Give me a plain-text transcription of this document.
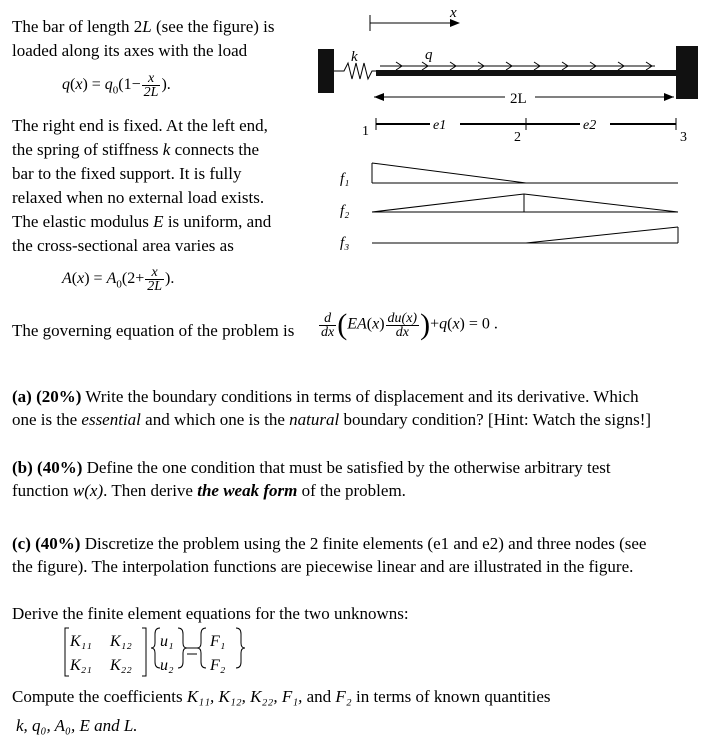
The bar of length 2L (see the figure) is
loaded along its axes with the load
$q(x) = q_0(1- \frac{x}{2L}$ ).
The right end is fixed. At the left end,
the spring of stiffness k connects the
bar to the fixed support. It is fully
relaxed when no external load exists.
The elastic modulus E is uniform, and
the cross-sectional area varies as
$A(x) = A_0(2+ \frac{x}{2L}$ ).
The governing equation of the problem is $\frac{d}{dx} (EA(x) \frac{du(x)}{dx} )+q(x) = 0$ .
x
k	q
2L
1	2	3
e1	e2
f₁
f₂
f₃
(a) (20%) Write the boundary conditions in terms of displacement and its derivative. Which
one is the essential and which one is the natural boundary condition? [Hint: Watch the signs!]
(b) (40%) Define the one condition that must be satisfied by the otherwise arbitrary test
function w(x). Then derive the weak form of the problem.
(c) (40%) Discretize the problem using the 2 finite elements (e1 and e2) and three nodes (see
the figure). The interpolation functions are piecewise linear and are illustrated in the figure.
Derive the finite element equations for the two unknowns:
K₁₁ K₁₂
K₂₁ K₂₂
u₁
u₂
F₁
F₂
Compute the coefficients K₁₁, K₁₂, K₂₂, F₁, and F₂ in terms of known quantities
k, q₀, A₀, E and L.
